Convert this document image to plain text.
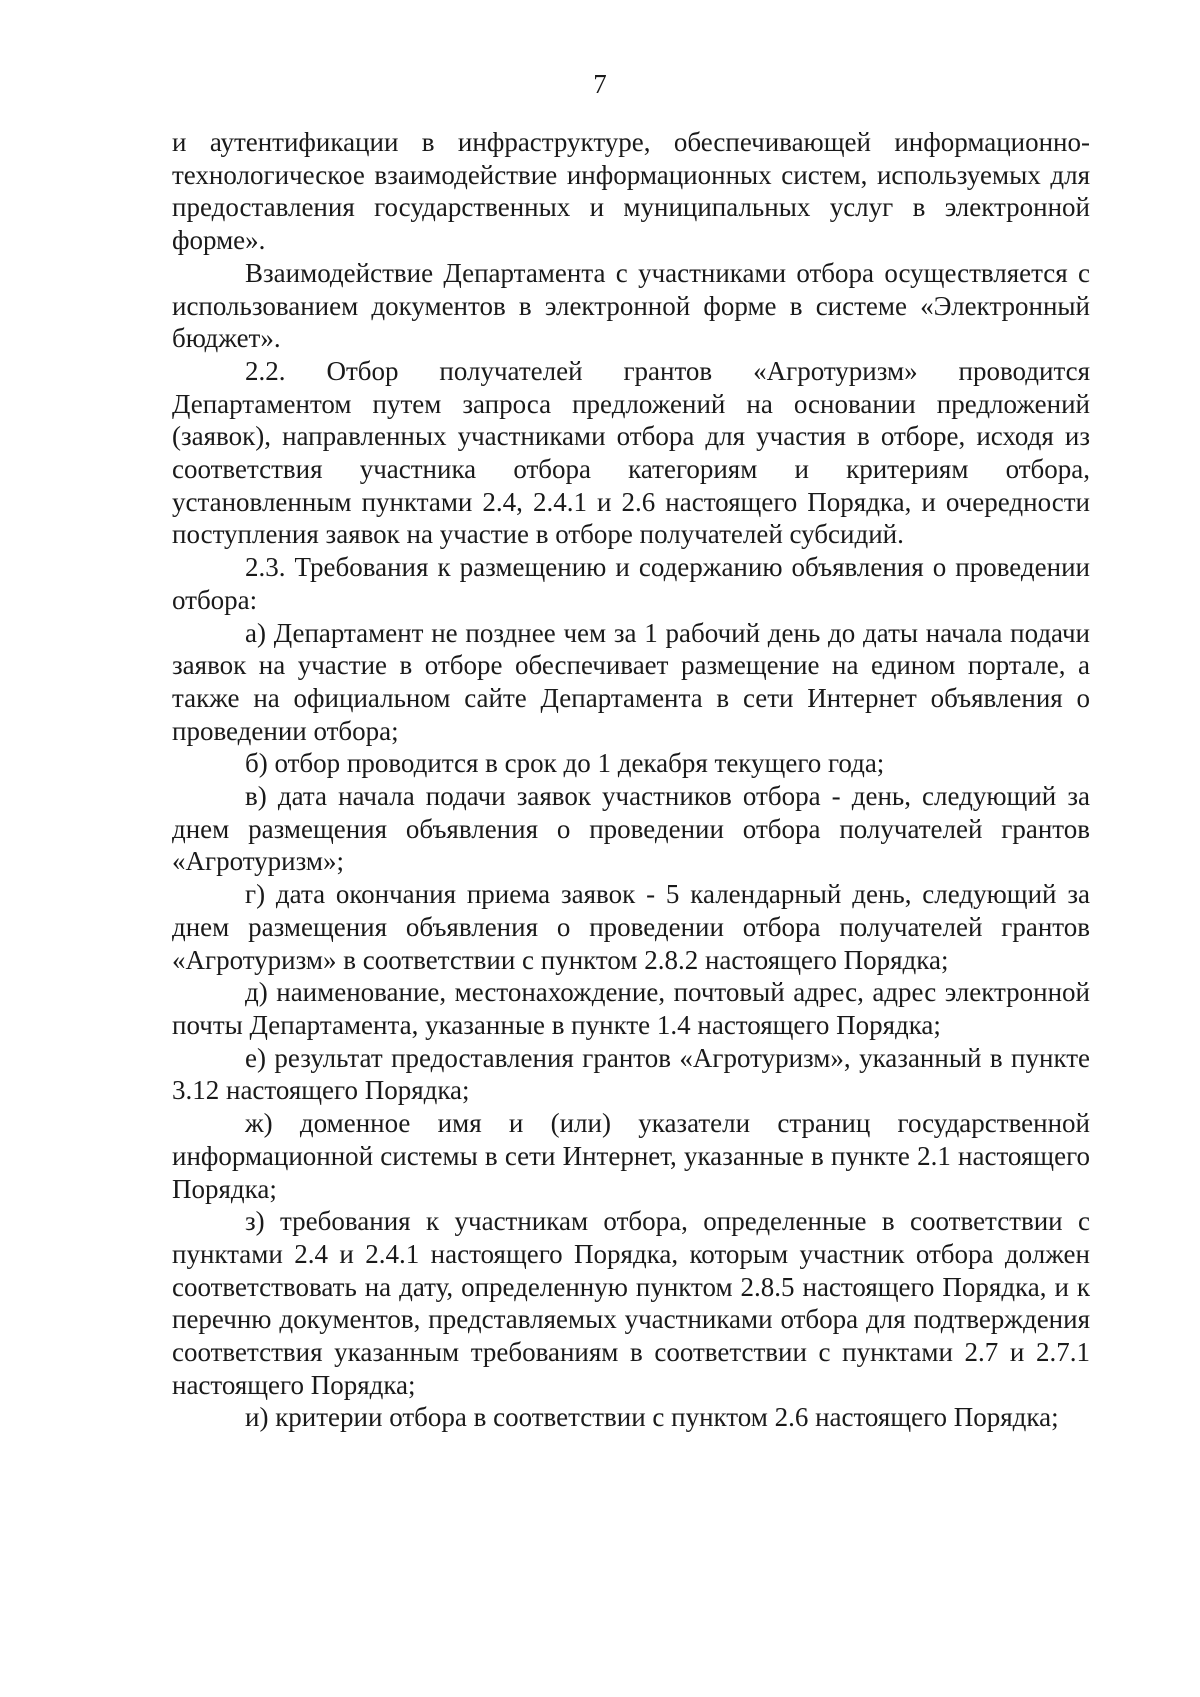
7

и аутентификации в инфраструктуре, обеспечивающей информационно-технологическое взаимодействие информационных систем, используемых для предоставления государственных и муниципальных услуг в электронной форме».

Взаимодействие Департамента с участниками отбора осуществляется с использованием документов в электронной форме в системе «Электронный бюджет».

2.2. Отбор получателей грантов «Агротуризм» проводится Департаментом путем запроса предложений на основании предложений (заявок), направленных участниками отбора для участия в отборе, исходя из соответствия участника отбора категориям и критериям отбора, установленным пунктами 2.4, 2.4.1 и 2.6 настоящего Порядка, и очередности поступления заявок на участие в отборе получателей субсидий.

2.3. Требования к размещению и содержанию объявления о проведении отбора:

а) Департамент не позднее чем за 1 рабочий день до даты начала подачи заявок на участие в отборе обеспечивает размещение на едином портале, а также на официальном сайте Департамента в сети Интернет объявления о проведении отбора;

б) отбор проводится в срок до 1 декабря текущего года;

в) дата начала подачи заявок участников отбора - день, следующий за днем размещения объявления о проведении отбора получателей грантов «Агротуризм»;

г) дата окончания приема заявок - 5 календарный день, следующий за днем размещения объявления о проведении отбора получателей грантов «Агротуризм» в соответствии с пунктом 2.8.2 настоящего Порядка;

д) наименование, местонахождение, почтовый адрес, адрес электронной почты Департамента, указанные в пункте 1.4 настоящего Порядка;

е) результат предоставления грантов «Агротуризм», указанный в пункте 3.12 настоящего Порядка;

ж) доменное имя и (или) указатели страниц государственной информационной системы в сети Интернет, указанные в пункте 2.1 настоящего Порядка;

з) требования к участникам отбора, определенные в соответствии с пунктами 2.4 и 2.4.1 настоящего Порядка, которым участник отбора должен соответствовать на дату, определенную пунктом 2.8.5 настоящего Порядка, и к перечню документов, представляемых участниками отбора для подтверждения соответствия указанным требованиям в соответствии с пунктами 2.7 и 2.7.1 настоящего Порядка;

и) критерии отбора в соответствии с пунктом 2.6 настоящего Порядка;
